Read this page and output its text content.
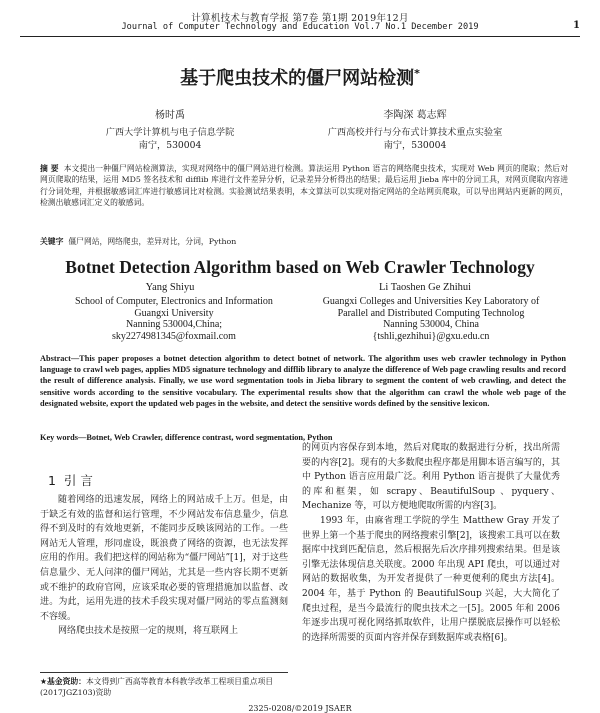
计算机技术与教育学报 第7卷 第1期 2019年12月
Journal of Computer Technology and Education Vol.7 No.1 December 2019	1
基于爬虫技术的僵尸网站检测*
杨时禹	李陶深 葛志辉
广西大学计算机与电子信息学院
南宁，530004
广西高校并行与分布式计算技术重点实验室
南宁，530004
摘 要 本文提出一种僵尸网站检测算法，实现对网络中的僵尸网站进行检测。算法运用 Python 语言的网络爬虫技术，实现对 Web 网页的爬取；然后对网页爬取的结果，运用 MD5 签名技术和 difflib 库进行文件差异分析，记录差异分析得出的结果；最后运用 Jieba 库中的分词工具，对网页爬取内容进行分词处理，并根据敏感词汇库进行敏感词比对检测。实验测试结果表明，本文算法可以实现对指定网站的全站网页爬取，可以导出网站内更新的网页，检测出敏感词汇定义的敏感词。
关键字 僵尸网站，网络爬虫，差异对比，分词，Python
Botnet Detection Algorithm based on Web Crawler Technology
Yang Shiyu	Li Taoshen Ge Zhihui
School of Computer, Electronics and Information
Guangxi University
Nanning 530004,China;
sky2274981345@foxmail.com
Guangxi Colleges and Universities Key Laboratory of
Parallel and Distributed Computing Technolog
Nanning 530004, China
{tshli,gezhihui}@gxu.edu.cn
Abstract—This paper proposes a botnet detection algorithm to detect botnet of network. The algorithm uses web crawler technology in Python language to crawl web pages, applies MD5 signature technology and difflib library to analyze the difference of Web page crawling results and record the result of difference analysis. Finally, we use word segmentation tools in Jieba library to segment the content of web crawling, and detect the sensitive words according to the sensitive vocabulary. The experimental results show that the algorithm can crawl the whole web page of the designated website, export the updated web pages in the website, and detect the sensitive words defined by the sensitive lexicon.
Key words—Botnet, Web Crawler, difference contrast, word segmentation, Python
1 引 言

随着网络的迅速发展，网络上的网站成千上万。但是，由于缺乏有效的监督和运行管理，不少网站发布信息量少，信息得不到及时的有效地更新，不能同步反映该网站的工作。一些网站无人管理，形同虚设，既浪费了网络的资源，也无法发挥应用的作用。我们把这样的网站称为“僵尸网站”[1]，对于这些信息量少、无人问津的僵尸网站，尤其是一些内容长期不更新或不维护的政府官网，应该采取必要的管理措施加以监督、改进。为此，运用先进的技术手段实现对僵尸网站的零点监测刻不容缓。

网络爬虫技术是按照一定的规则，将互联网上

的网页内容保存到本地，然后对爬取的数据进行分析，找出所需要的内容[2]。现有的大多数爬虫程序都是用脚本语言编写的，其中 Python 语言应用最广泛。利用 Python 语言提供了大量优秀的库和框架，如 scrapy、BeautifulSoup 、pyquery、Mechanize 等，可以方便地爬取所需的内容[3]。

1993 年，由麻省理工学院的学生 Matthew Gray 开发了世界上第一个基于爬虫的网络搜索引擎[2]，该搜索工具可以在数据库中找到匹配信息，然后根据先后次序排列搜索结果。但是该引擎无法体现信息关联度。2000 年出现 API 爬虫，可以通过对网站的数据收集，为开发者提供了一种更便利的爬虫方法[4]。2004 年，基于 Python 的 BeautifulSoup 兴起，大大简化了爬虫过程，是当今最流行的爬虫技术之一[5]。2005 年和 2006 年逐步出现可视化网络抓取软件，让用户摆脱底层操作可以轻松的选择所需要的页面内容并保存到数据库或表格[6]。

★基金资助：本文得到广西高等教育本科教学改革工程项目重点项目(2017JGZ103)资助
2325-0208/©2019 JSAER
